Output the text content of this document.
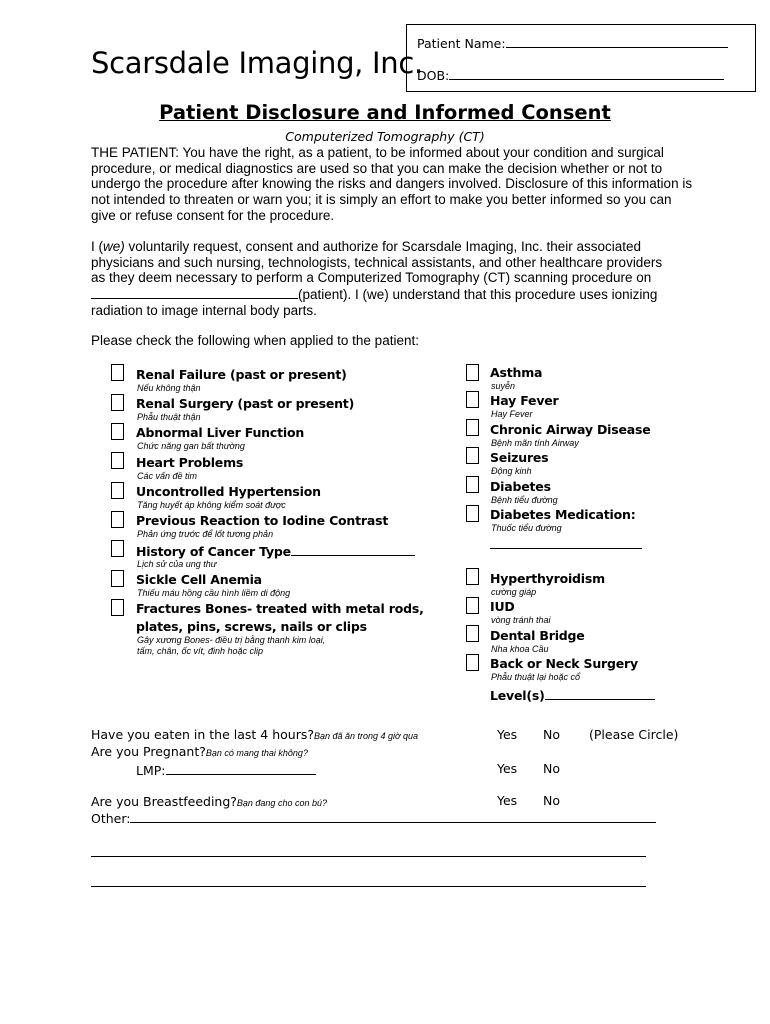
Scarsdale Imaging, Inc.
Patient Name:
DOB:
Patient Disclosure and Informed Consent
Computerized Tomography (CT)

THE PATIENT: You have the right, as a patient, to be informed about your condition and surgical

procedure, or medical diagnostics are used so that you can make the decision whether or not to

undergo the procedure after knowing the risks and dangers involved. Disclosure of this information is

not intended to threaten or warn you; it is simply an effort to make you better informed so you can

give or refuse consent for the procedure.

I (we) voluntarily request, consent and authorize for Scarsdale Imaging, Inc. their associated

physicians and such nursing, technologists, technical assistants, and other healthcare providers

as they deem necessary to perform a Computerized Tomography (CT) scanning procedure on

(patient). I (we) understand that this procedure uses ionizing

radiation to image internal body parts.

Please check the following when applied to the patient:
Renal Failure (past or present)
Nếu không thận
Renal Surgery (past or present)
Phẫu thuật thận
Abnormal Liver Function
Chức năng gan bất thường
Heart Problems
Các vấn đề tim
Uncontrolled Hypertension
Tăng huyết áp không kiểm soát được
Previous Reaction to Iodine Contrast
Phản ứng trước để lốt tương phản
History of Cancer Type
Lịch sử của ung thư
Sickle Cell Anemia
Thiếu máu hồng cầu hình liềm di động
Fractures Bones- treated with metal rods,
plates, pins, screws, nails or clips
Gây xương Bones- điều trị bằng thanh kim loại,
tấm, chân, ốc vít, đinh hoặc clip
Asthma
suyễn
Hay Fever
Hay Fever
Chronic Airway Disease
Bệnh mãn tính Airway
Seizures
Động kinh
Diabetes
Bệnh tiểu đường
Diabetes Medication:
Thuốc tiểu đường
Hyperthyroidism
cường giáp
IUD
vòng tránh thai
Dental Bridge
Nha khoa Cầu
Back or Neck Surgery
Phẫu thuật lại hoặc cổ
Level(s)
Have you eaten in the last 4 hours?Bạn đã ăn trong 4 giờ qua	Yes No (Please Circle)
Are you Pregnant?Bạn có mang thai không?
LMP:	Yes No
Are you Breastfeeding?Bạn đang cho con bú?	Yes No
Other:
